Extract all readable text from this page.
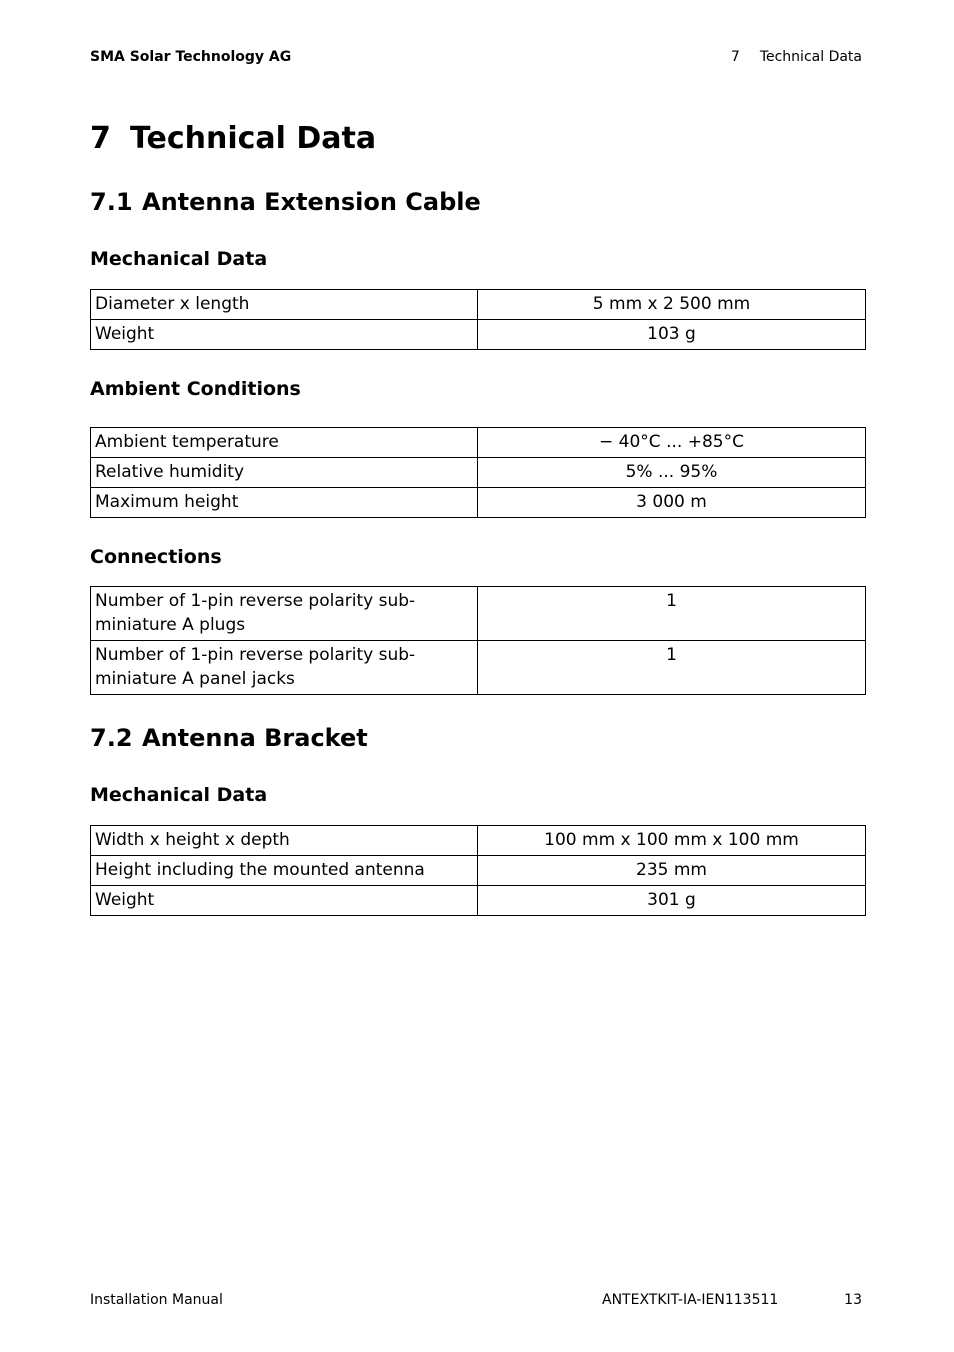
SMA Solar Technology AG	7 Technical Data
7 Technical Data
7.1 Antenna Extension Cable
Mechanical Data
Diameter x length	5 mm x 2 500 mm
Weight	103 g
Ambient Conditions
Ambient temperature	− 40°C ... +85°C
Relative humidity	5% ... 95%
Maximum height	3 000 m
Connections
Number of 1-pin reverse polarity sub-miniature A plugs	1
Number of 1-pin reverse polarity sub-miniature A panel jacks	1
7.2 Antenna Bracket
Mechanical Data
Width x height x depth	100 mm x 100 mm x 100 mm
Height including the mounted antenna	235 mm
Weight	301 g
Installation Manual	ANTEXTKIT-IA-IEN113511	13
